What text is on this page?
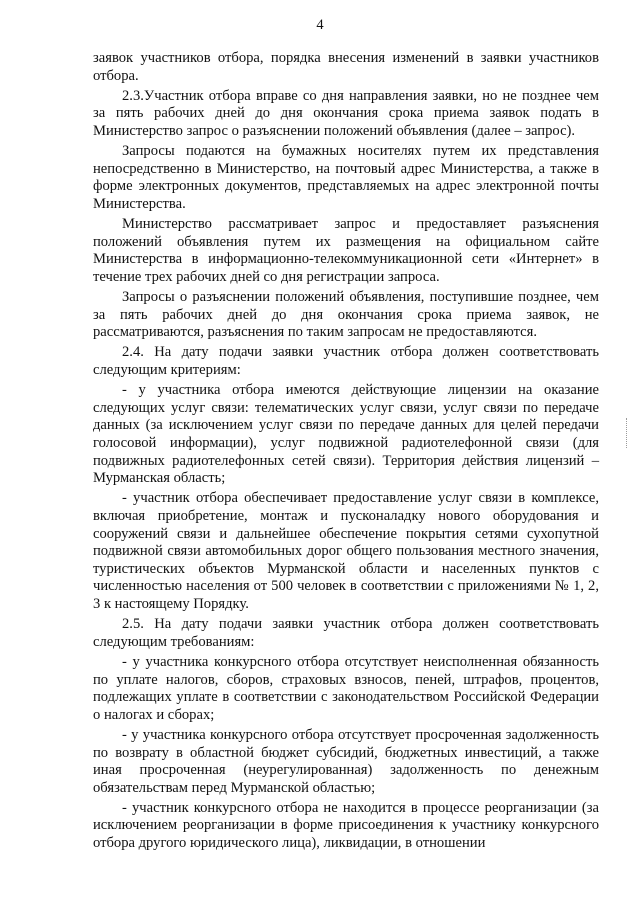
4

заявок участников отбора, порядка внесения изменений в заявки участников отбора.

2.3.Участник отбора вправе со дня направления заявки, но не позднее чем за пять рабочих дней до дня окончания срока приема заявок подать в Министерство запрос о разъяснении положений объявления (далее – запрос).

Запросы подаются на бумажных носителях путем их представления непосредственно в Министерство, на почтовый адрес Министерства, а также в форме электронных документов, представляемых на адрес электронной почты Министерства.

Министерство рассматривает запрос и предоставляет разъяснения положений объявления путем их размещения на официальном сайте Министерства в информационно-телекоммуникационной сети «Интернет» в течение трех рабочих дней со дня регистрации запроса.

Запросы о разъяснении положений объявления, поступившие позднее, чем за пять рабочих дней до дня окончания срока приема заявок, не рассматриваются, разъяснения по таким запросам не предоставляются.

2.4. На дату подачи заявки участник отбора должен соответствовать следующим критериям:

- у участника отбора имеются действующие лицензии на оказание следующих услуг связи: телематических услуг связи, услуг связи по передаче данных (за исключением услуг связи по передаче данных для целей передачи голосовой информации), услуг подвижной радиотелефонной связи (для подвижных радиотелефонных сетей связи). Территория действия лицензий – Мурманская область;

- участник отбора обеспечивает предоставление услуг связи в комплексе, включая приобретение, монтаж и пусконаладку нового оборудования и сооружений связи и дальнейшее обеспечение покрытия сетями сухопутной подвижной связи автомобильных дорог общего пользования местного значения, туристических объектов Мурманской области и населенных пунктов с численностью населения от 500 человек в соответствии с приложениями № 1, 2, 3 к настоящему Порядку.

2.5. На дату подачи заявки участник отбора должен соответствовать следующим требованиям:

- у участника конкурсного отбора отсутствует неисполненная обязанность по уплате налогов, сборов, страховых взносов, пеней, штрафов, процентов, подлежащих уплате в соответствии с законодательством Российской Федерации о налогах и сборах;

- у участника конкурсного отбора отсутствует просроченная задолженность по возврату в областной бюджет субсидий, бюджетных инвестиций, а также иная просроченная (неурегулированная) задолженность по денежным обязательствам перед Мурманской областью;

- участник конкурсного отбора не находится в процессе реорганизации (за исключением реорганизации в форме присоединения к участнику конкурсного отбора другого юридического лица), ликвидации, в отношении
